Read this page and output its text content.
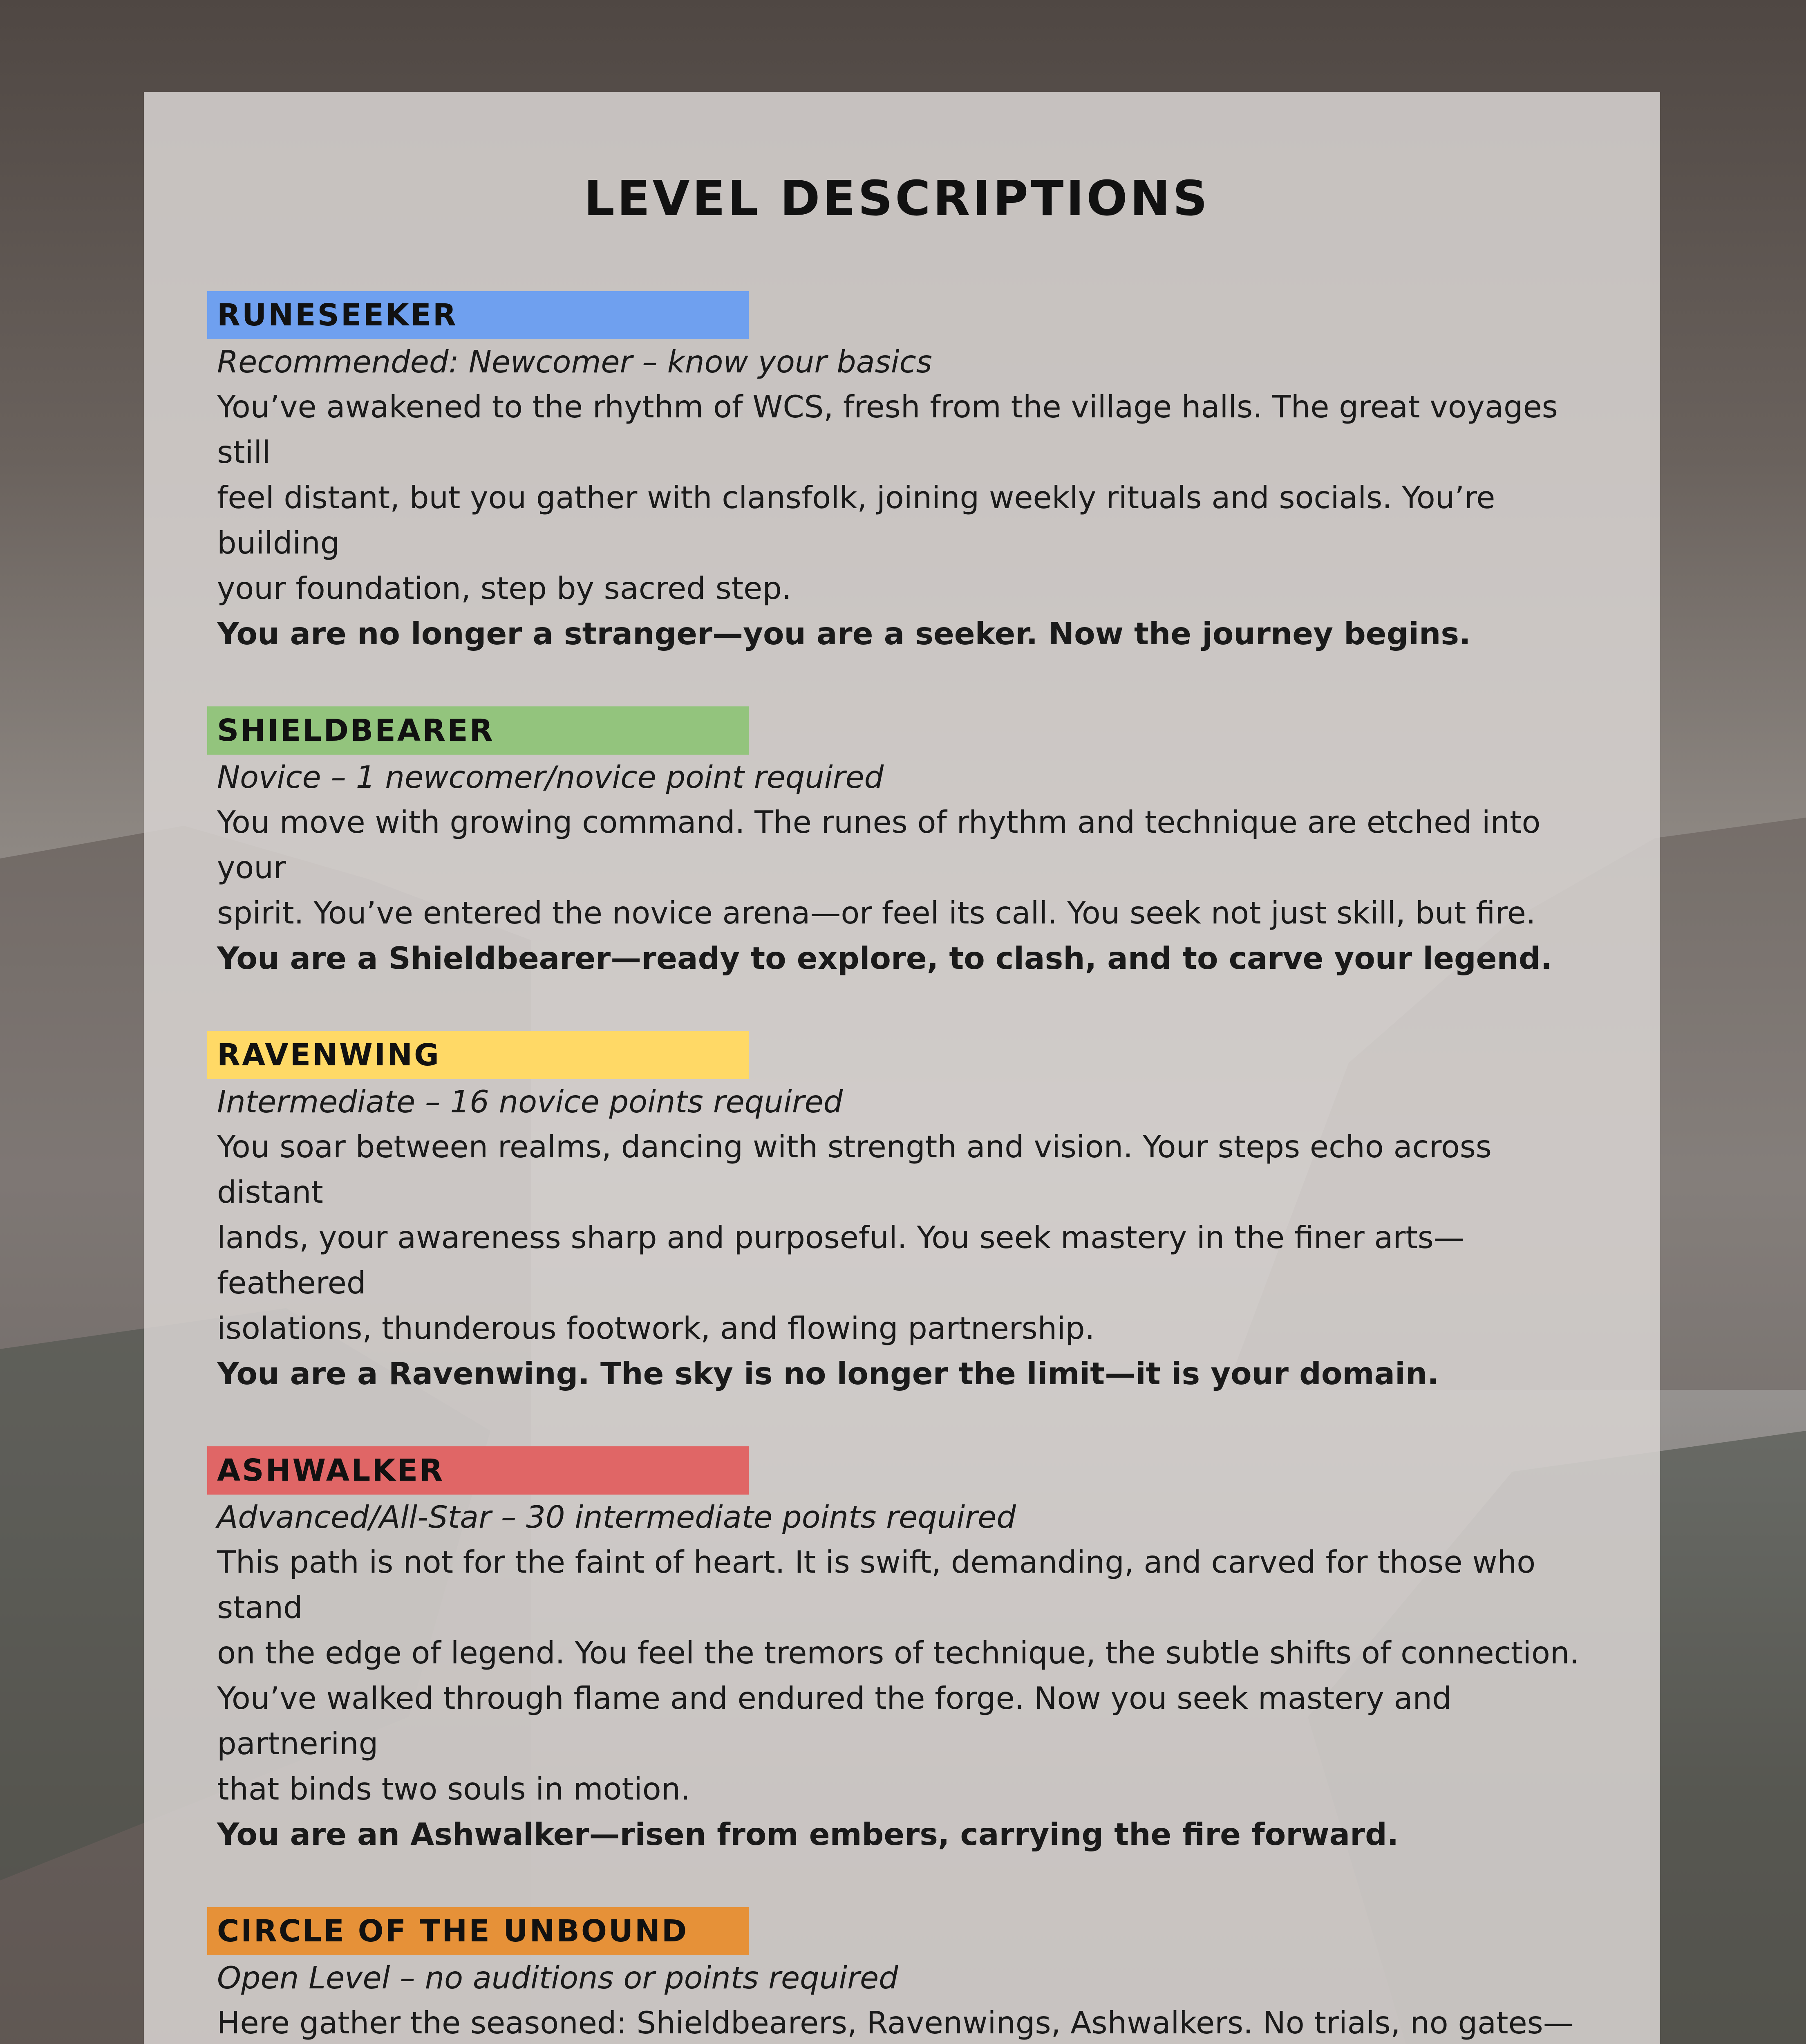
LEVEL DESCRIPTIONS
RUNESEEKER
Recommended: Newcomer – know your basics
You’ve awakened to the rhythm of WCS, fresh from the village halls. The great voyages still
feel distant, but you gather with clansfolk, joining weekly rituals and socials. You’re building
your foundation, step by sacred step.
You are no longer a stranger—you are a seeker. Now the journey begins.
SHIELDBEARER
Novice – 1 newcomer/novice point required
You move with growing command. The runes of rhythm and technique are etched into your
spirit. You’ve entered the novice arena—or feel its call. You seek not just skill, but fire.
You are a Shieldbearer—ready to explore, to clash, and to carve your legend.
RAVENWING
Intermediate – 16 novice points required
You soar between realms, dancing with strength and vision. Your steps echo across distant
lands, your awareness sharp and purposeful. You seek mastery in the finer arts—feathered
isolations, thunderous footwork, and flowing partnership.
You are a Ravenwing. The sky is no longer the limit—it is your domain.
ASHWALKER
Advanced/All-Star – 30 intermediate points required
This path is not for the faint of heart. It is swift, demanding, and carved for those who stand
on the edge of legend. You feel the tremors of technique, the subtle shifts of connection.
You’ve walked through flame and endured the forge. Now you seek mastery and partnering
that binds two souls in motion.
You are an Ashwalker—risen from embers, carrying the fire forward.
CIRCLE OF THE UNBOUND
Open Level – no auditions or points required
Here gather the seasoned: Shieldbearers, Ravenwings, Ashwalkers. No trials, no gates—
